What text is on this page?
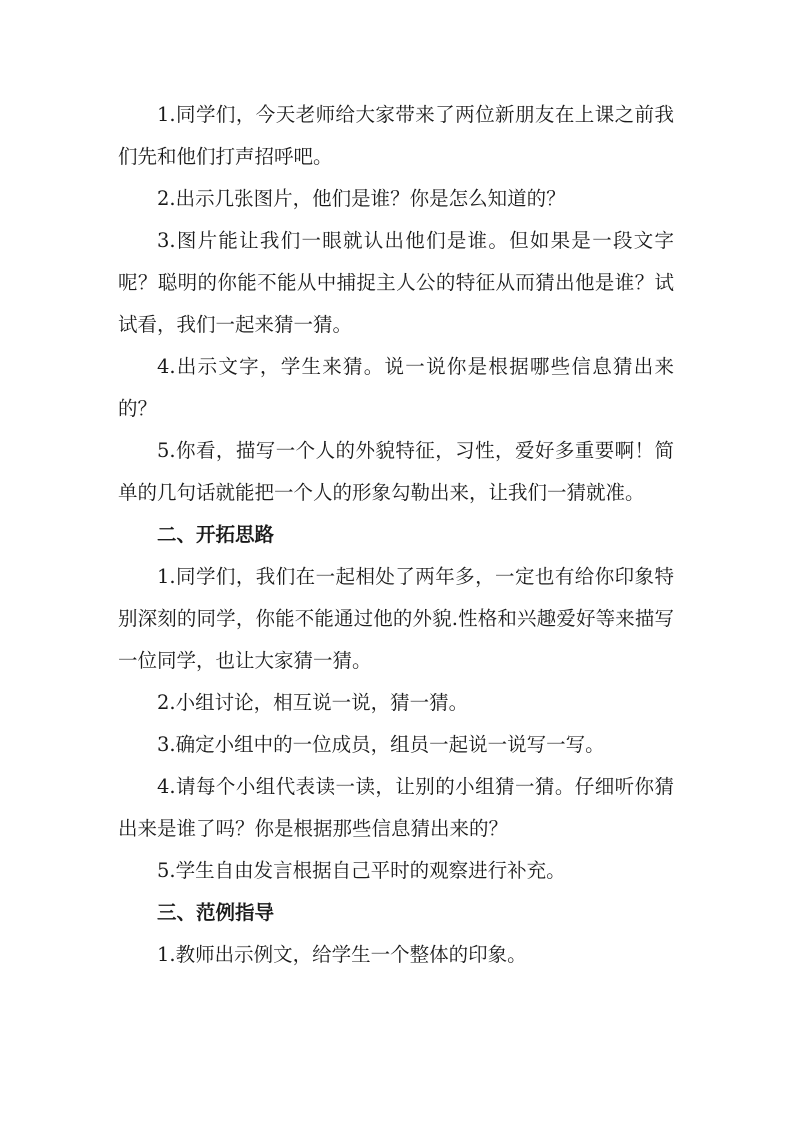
1.同学们，今天老师给大家带来了两位新朋友在上课之前我们先和他们打声招呼吧。

2.出示几张图片，他们是谁？你是怎么知道的？

3.图片能让我们一眼就认出他们是谁。但如果是一段文字呢？聪明的你能不能从中捕捉主人公的特征从而猜出他是谁？试试看，我们一起来猜一猜。

4.出示文字，学生来猜。说一说你是根据哪些信息猜出来的？

5.你看，描写一个人的外貌特征，习性，爱好多重要啊！简单的几句话就能把一个人的形象勾勒出来，让我们一猜就准。

二、开拓思路

1.同学们，我们在一起相处了两年多，一定也有给你印象特别深刻的同学，你能不能通过他的外貌.性格和兴趣爱好等来描写一位同学，也让大家猜一猜。

2.小组讨论，相互说一说，猜一猜。

3.确定小组中的一位成员，组员一起说一说写一写。

4.请每个小组代表读一读，让别的小组猜一猜。仔细听你猜出来是谁了吗？你是根据那些信息猜出来的？

5.学生自由发言根据自己平时的观察进行补充。

三、范例指导

1.教师出示例文，给学生一个整体的印象。
